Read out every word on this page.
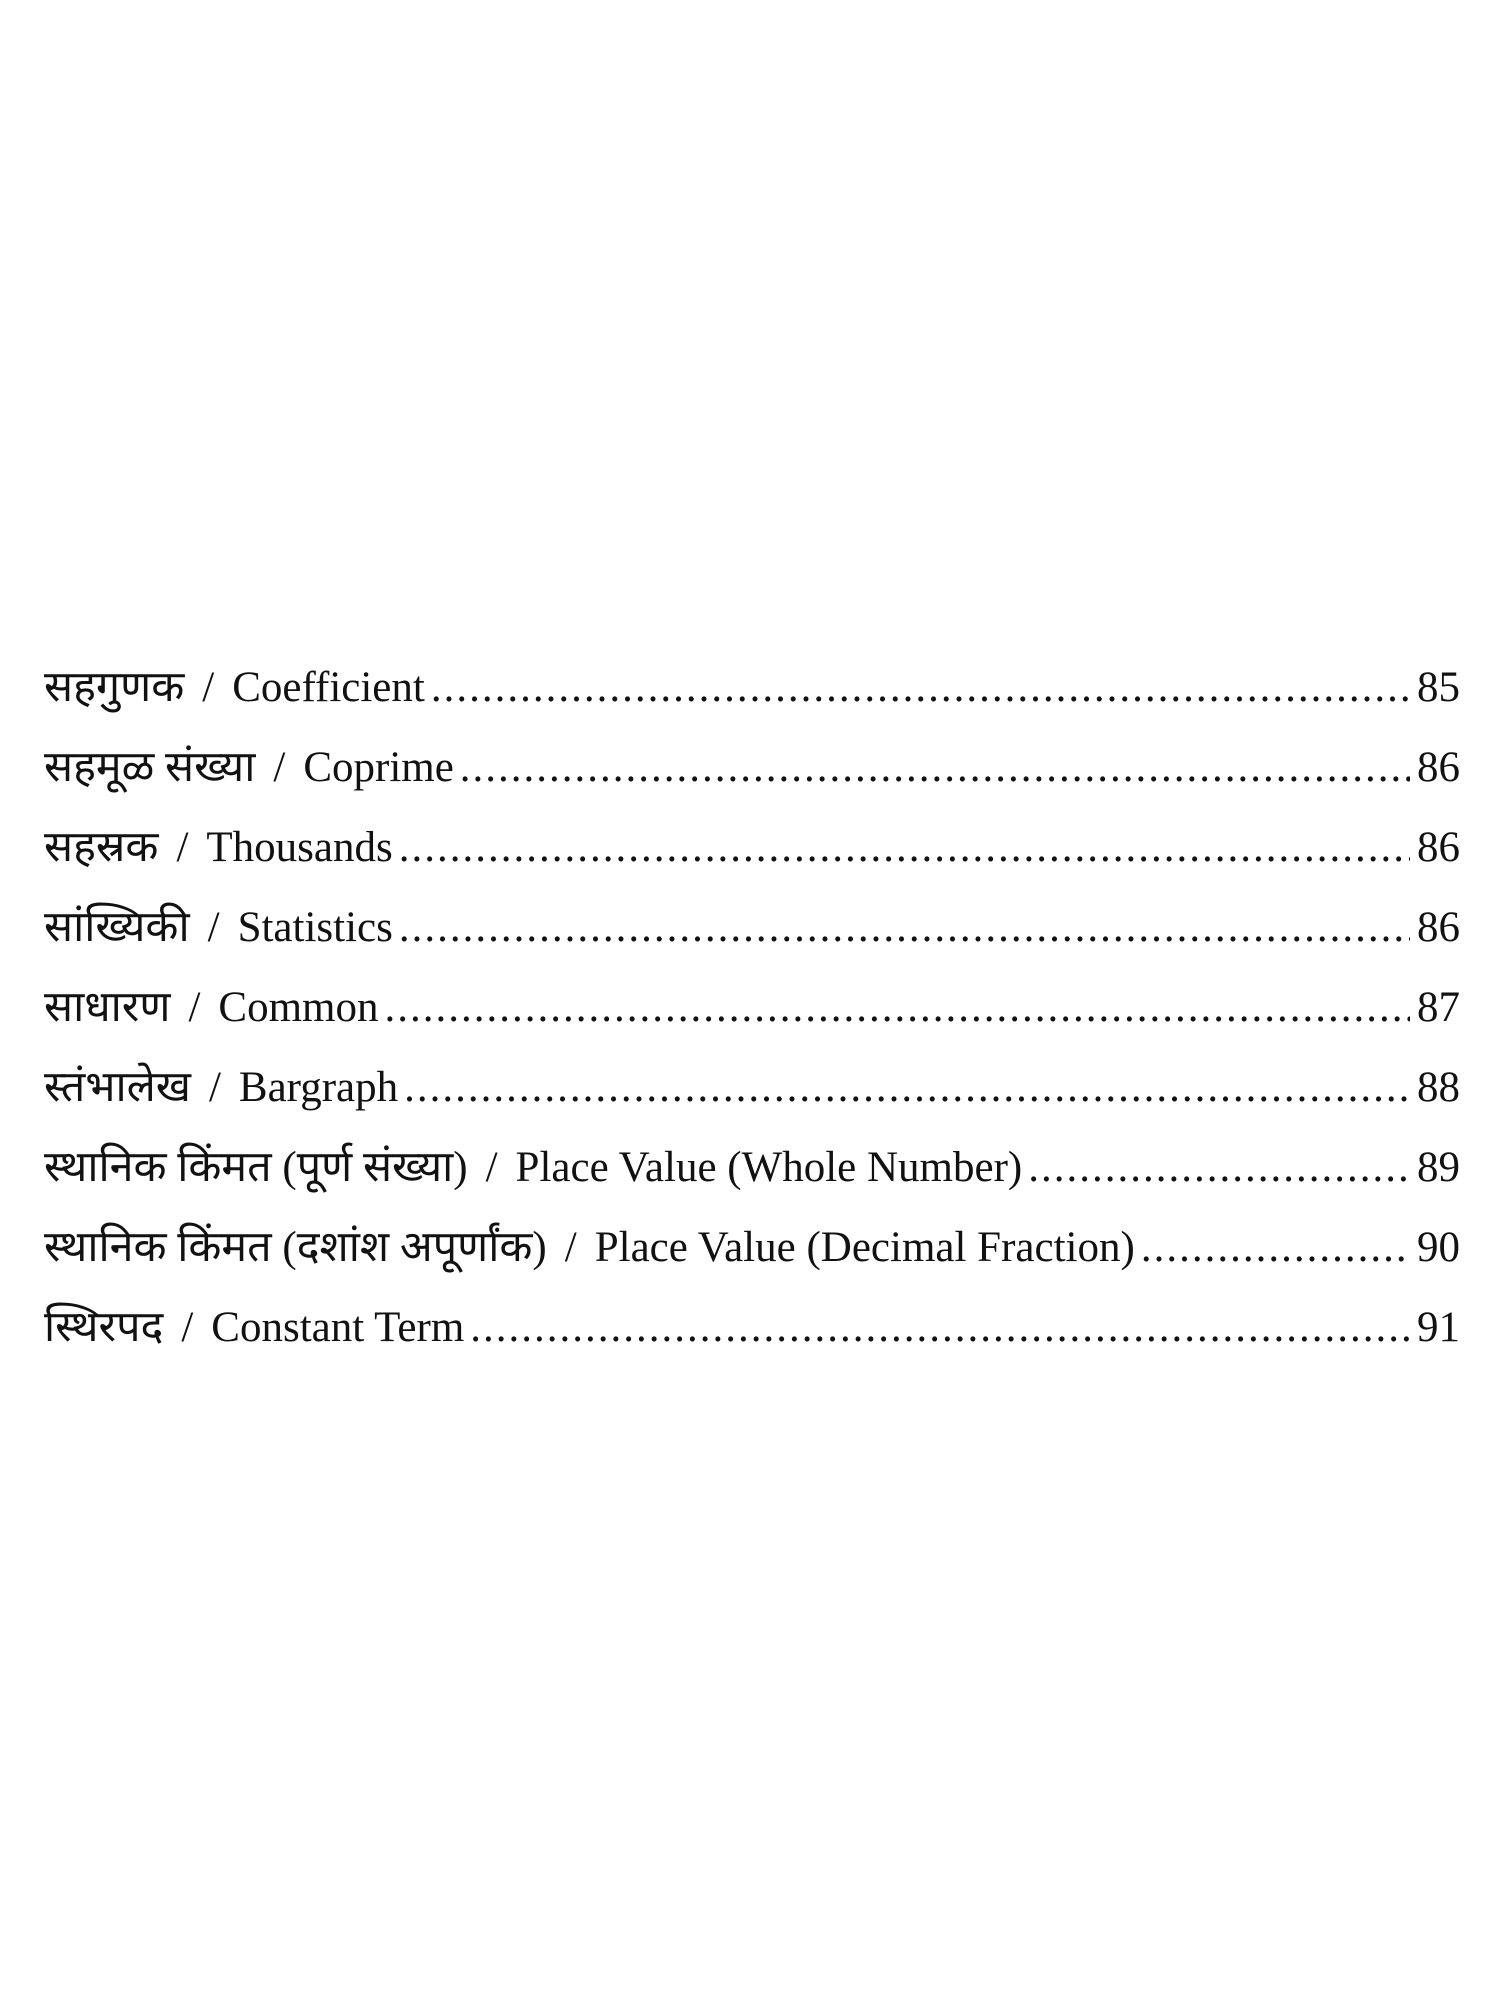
सहगुणक / Coefficient .....	85
सहमूळ संख्या / Coprime .....	86
सहस्रक / Thousands .....	86
सांख्यिकी / Statistics .....	86
साधारण / Common .....	87
स्तंभालेख / Bargraph .....	88
स्थानिक किंमत (पूर्ण संख्या) / Place Value (Whole Number) .....	89
स्थानिक किंमत (दशांश अपूर्णांक) / Place Value (Decimal Fraction) .....	90
स्थिरपद / Constant Term .....	91
